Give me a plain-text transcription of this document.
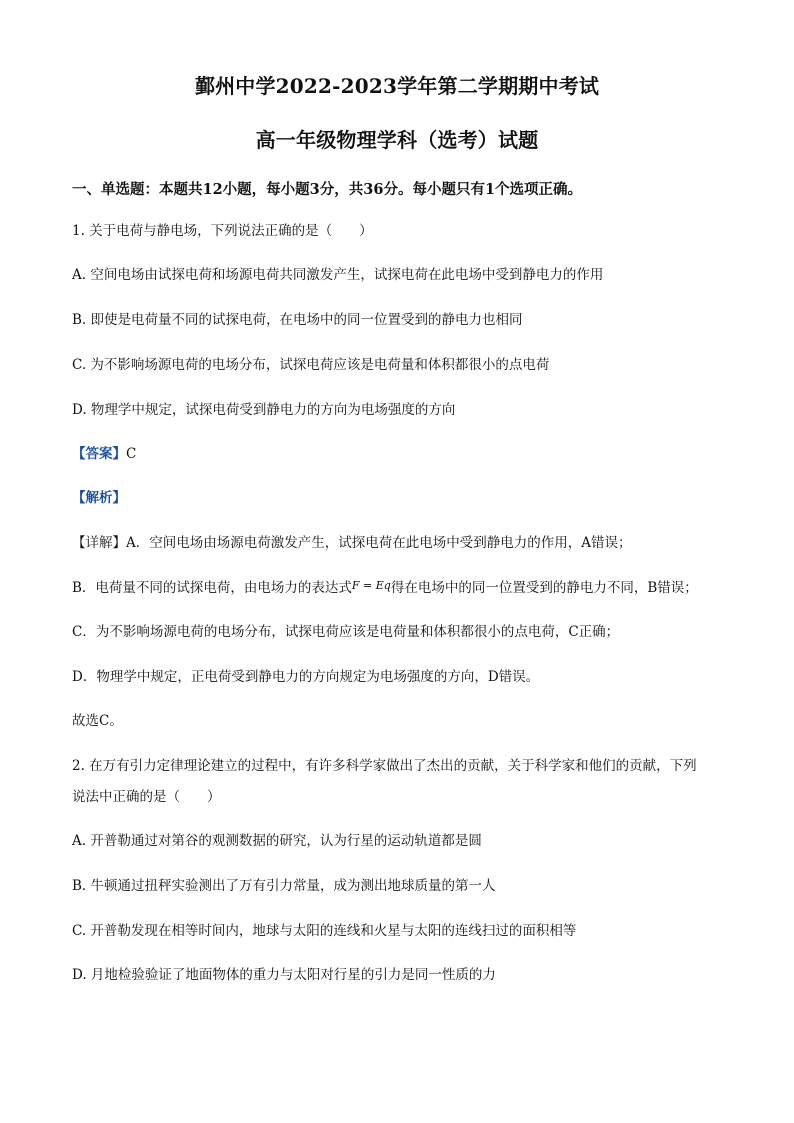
鄞州中学2022-2023学年第二学期期中考试
高一年级物理学科（选考）试题
一、单选题：本题共12小题，每小题3分，共36分。每小题只有1个选项正确。
1. 关于电荷与静电场，下列说法正确的是（　　）
A. 空间电场由试探电荷和场源电荷共同激发产生，试探电荷在此电场中受到静电力的作用
B. 即使是电荷量不同的试探电荷，在电场中的同一位置受到的静电力也相同
C. 为不影响场源电荷的电场分布，试探电荷应该是电荷量和体积都很小的点电荷
D. 物理学中规定，试探电荷受到静电力的方向为电场强度的方向
【答案】C
【解析】
【详解】A．空间电场由场源电荷激发产生，试探电荷在此电场中受到静电力的作用，A错误；
B．电荷量不同的试探电荷，由电场力的表达式$^{F = Eq}$得在电场中的同一位置受到的静电力不同，B错误；
C．为不影响场源电荷的电场分布，试探电荷应该是电荷量和体积都很小的点电荷，C正确；
D．物理学中规定，正电荷受到静电力的方向规定为电场强度的方向，D错误。
故选C。
2. 在万有引力定律理论建立的过程中，有许多科学家做出了杰出的贡献，关于科学家和他们的贡献，下列
说法中正确的是（　　）
A. 开普勒通过对第谷的观测数据的研究，认为行星的运动轨道都是圆
B. 牛顿通过扭秤实验测出了万有引力常量，成为测出地球质量的第一人
C. 开普勒发现在相等时间内，地球与太阳的连线和火星与太阳的连线扫过的面积相等
D. 月地检验验证了地面物体的重力与太阳对行星的引力是同一性质的力
